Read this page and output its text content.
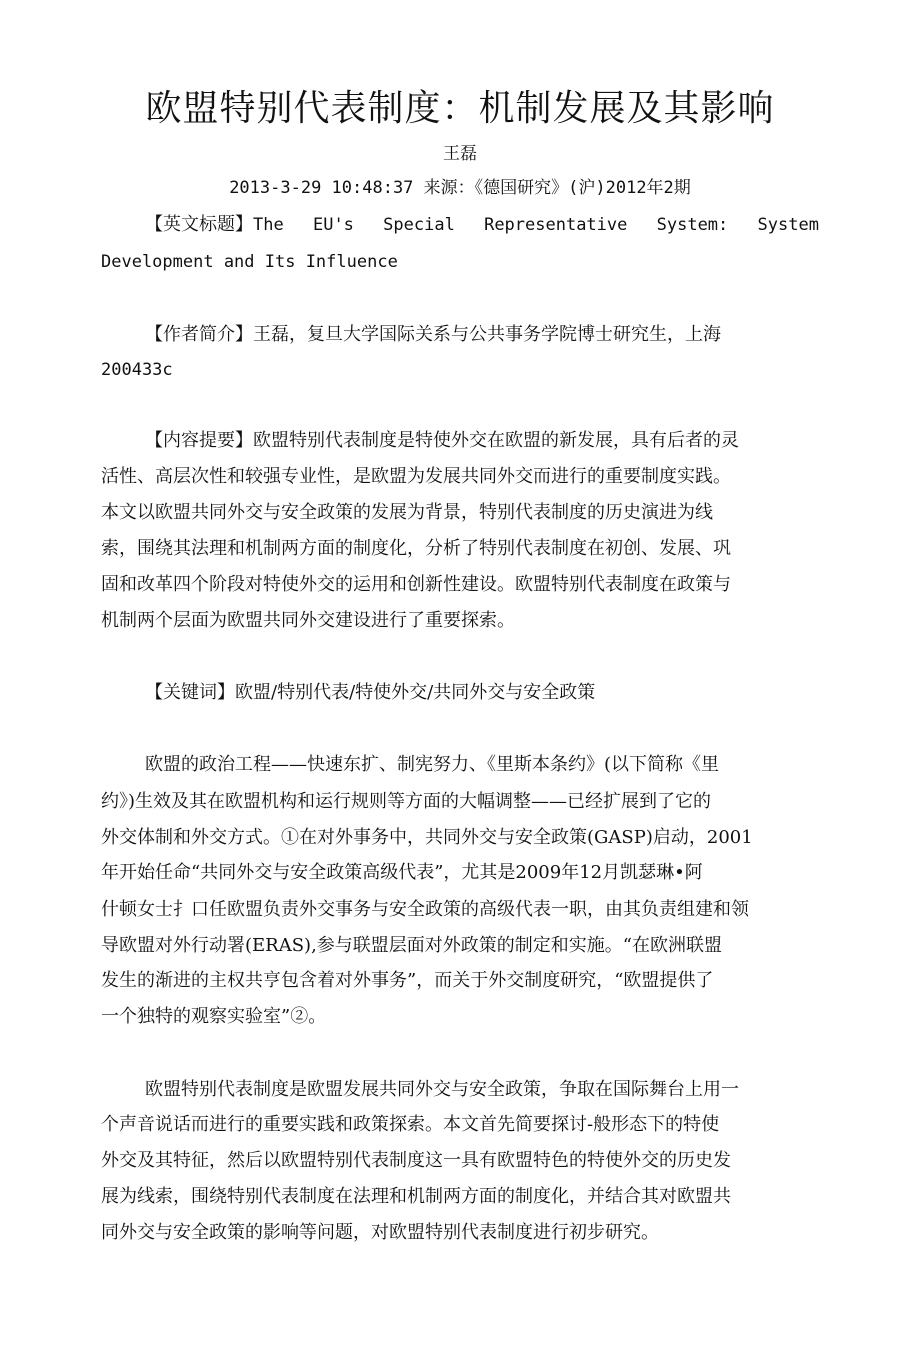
欧盟特别代表制度：机制发展及其影响
王磊
2013-3-29 10:48:37 来源：《德国研究》(沪)2012年2期
【英文标题】The EU's Special Representative System: System
Development and Its Influence
【作者简介】王磊，复旦大学国际关系与公共事务学院博士研究生，上海
200433c
【内容提要】欧盟特别代表制度是特使外交在欧盟的新发展，具有后者的灵
活性、高层次性和较强专业性，是欧盟为发展共同外交而进行的重要制度实践。
本文以欧盟共同外交与安全政策的发展为背景，特别代表制度的历史演进为线
索，围绕其法理和机制两方面的制度化，分析了特别代表制度在初创、发展、巩
固和改革四个阶段对特使外交的运用和创新性建设。欧盟特别代表制度在政策与
机制两个层面为欧盟共同外交建设进行了重要探索。
【关键词】欧盟/特别代表/特使外交/共同外交与安全政策
欧盟的政治工程——快速东扩、制宪努力、《里斯本条约》(以下简称《里
约》)生效及其在欧盟机构和运行规则等方面的大幅调整——已经扩展到了它的
外交体制和外交方式。①在对外事务中，共同外交与安全政策(GASP)启动，2001
年开始任命“共同外交与安全政策高级代表”，尤其是2009年12月凯瑟琳•阿
什顿女士扌口任欧盟负责外交事务与安全政策的高级代表一职，由其负责组建和领
导欧盟对外行动署(ERAS),参与联盟层面对外政策的制定和实施。“在欧洲联盟
发生的渐进的主权共亨包含着对外事务”，而关于外交制度研究，“欧盟提供了
一个独特的观察实验室”②。
欧盟特别代表制度是欧盟发展共同外交与安全政策，争取在国际舞台上用一
个声音说话而进行的重要实践和政策探索。本文首先简要探讨-般形态下的特使
外交及其特征，然后以欧盟特别代表制度这一具有欧盟特色的特使外交的历史发
展为线索，围绕特别代表制度在法理和机制两方面的制度化，并结合其对欧盟共
同外交与安全政策的影响等问题，对欧盟特别代表制度进行初步研究。
